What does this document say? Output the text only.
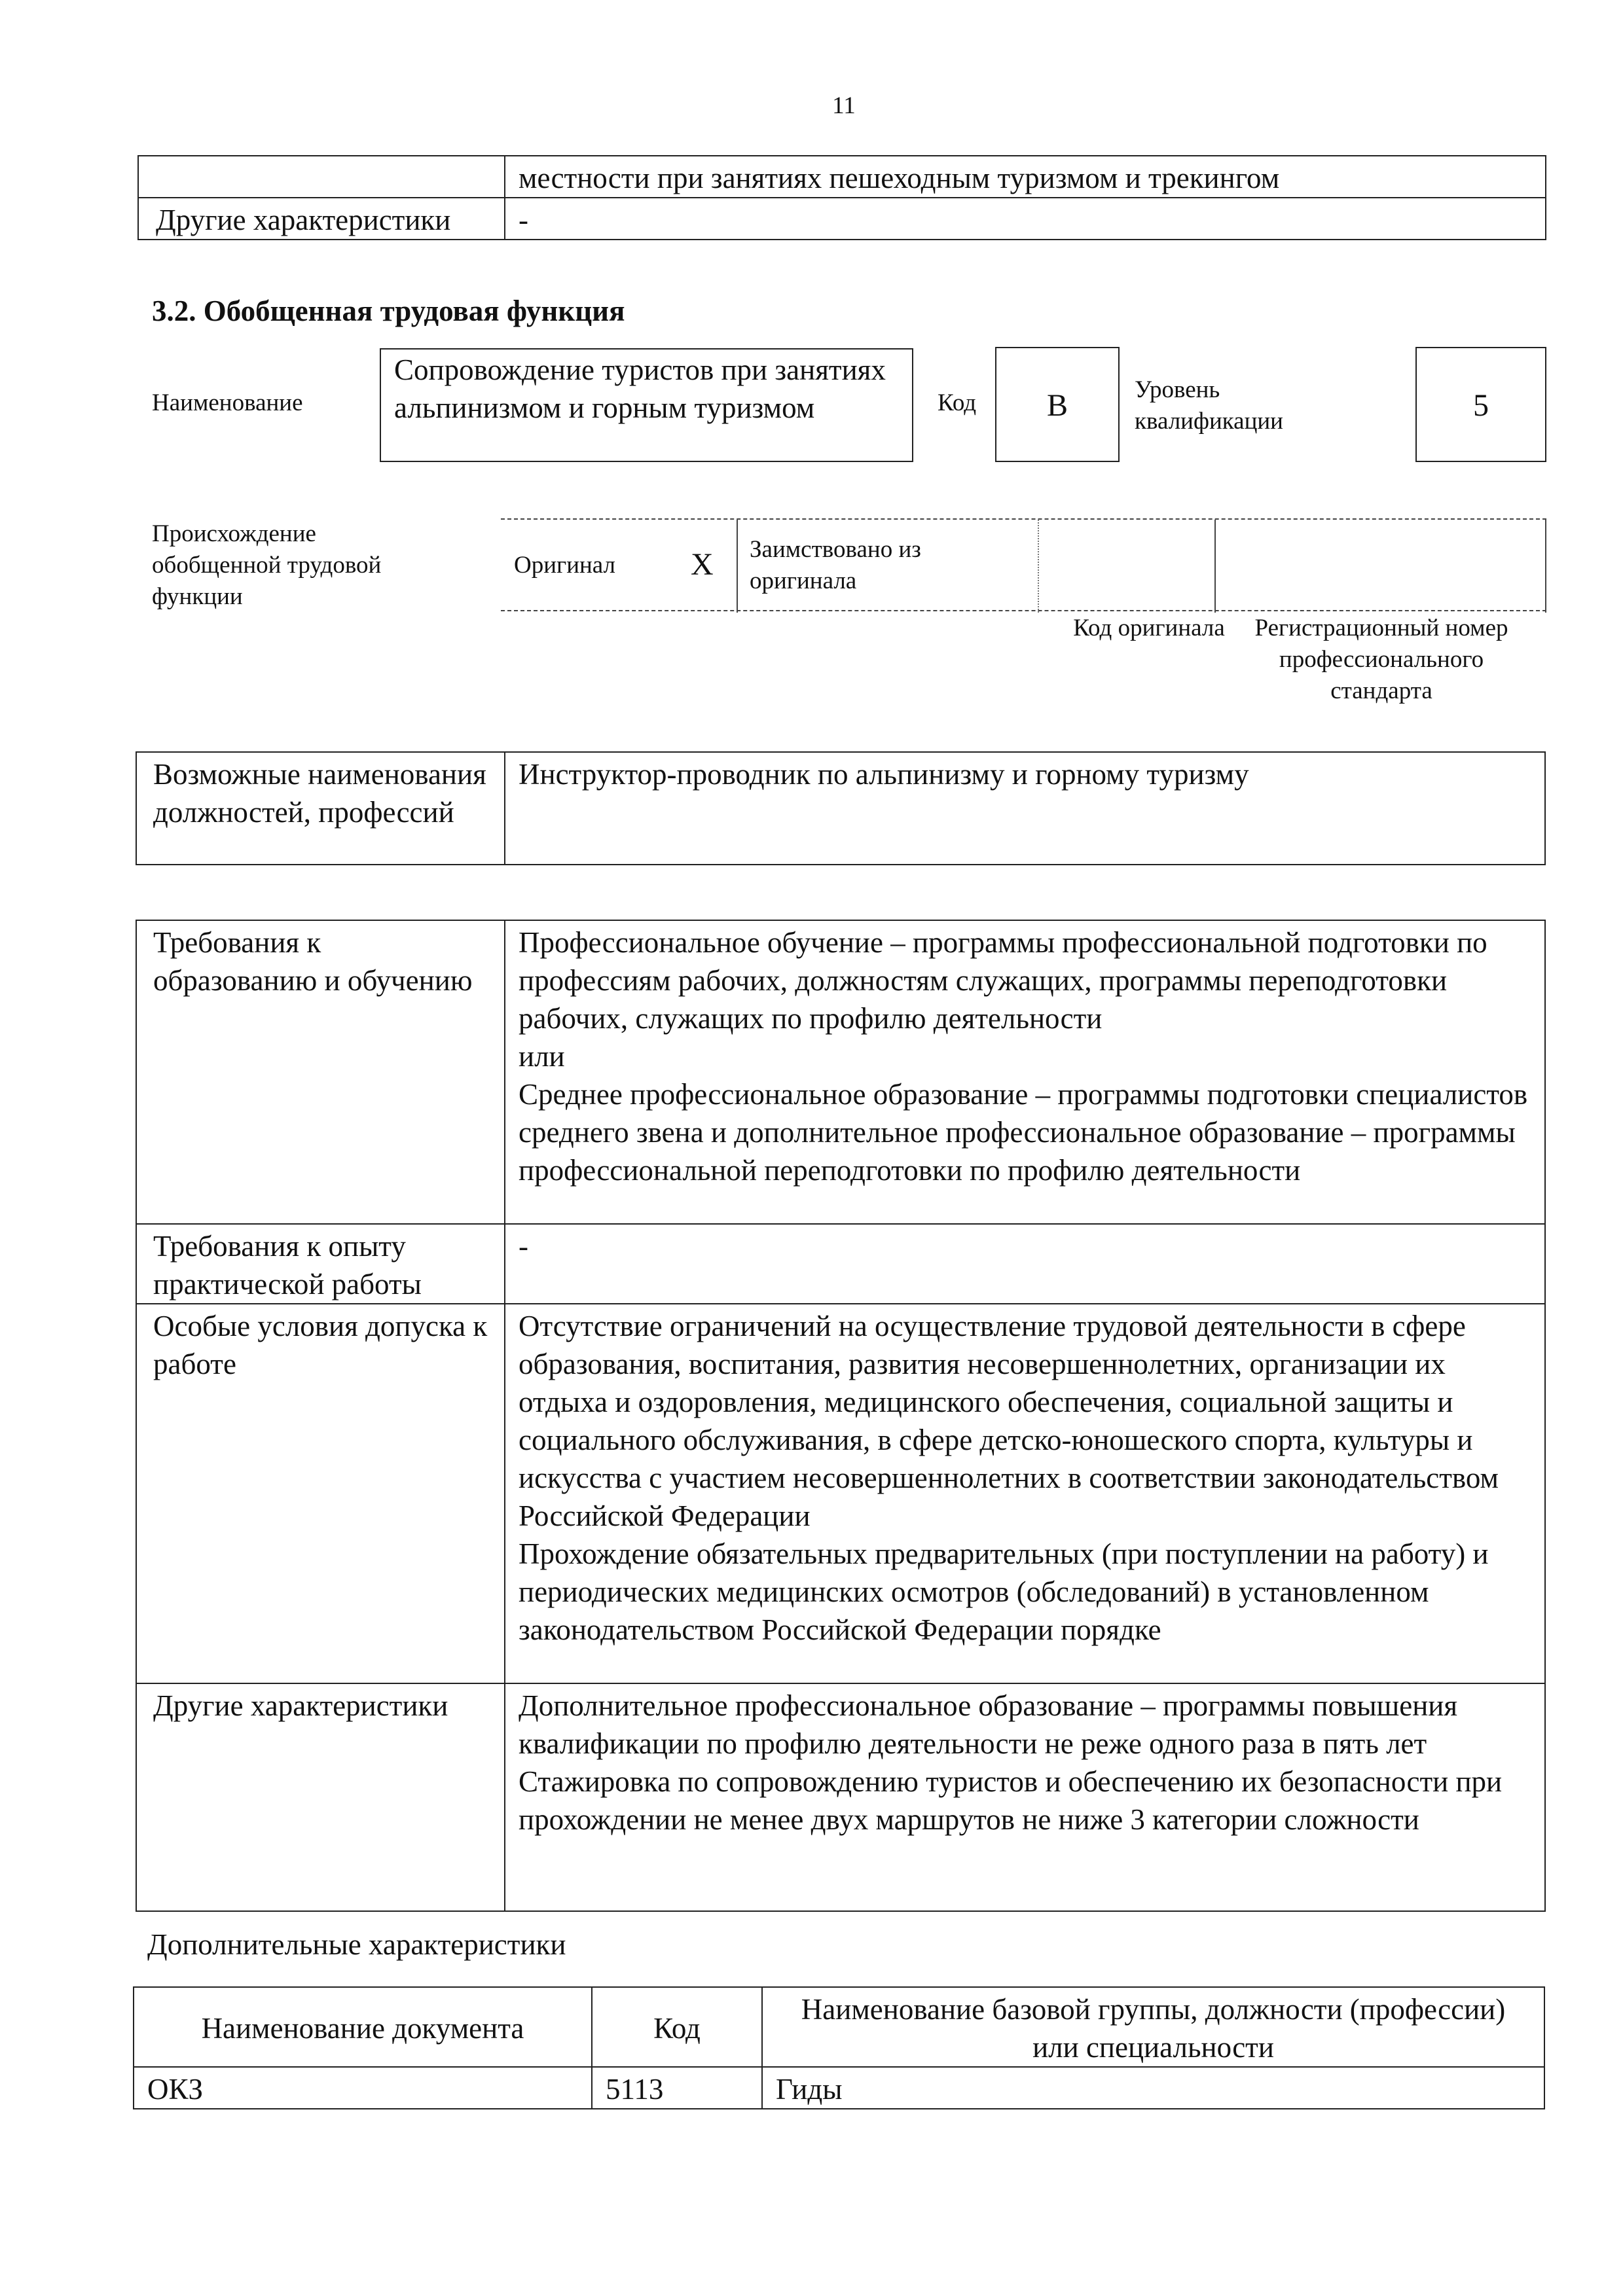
11
	местности при занятиях пешеходным туризмом и трекингом
Другие характеристики	-
3.2. Обобщенная трудовая функция
Наименование
Сопровождение туристов при занятиях альпинизмом и горным туризмом	Код	B	Уровень квалификации	5
Происхождение обобщенной трудовой функции
Оригинал X Заимствовано из оригинала
Код оригинала	Регистрационный номер профессионального стандарта
Возможные наименования должностей, профессий	Инструктор-проводник по альпинизму и горному туризму
Требования к образованию и обучению	Профессиональное обучение – программы профессиональной подготовки по профессиям рабочих, должностям служащих, программы переподготовки рабочих, служащих по профилю деятельности
или
Среднее профессиональное образование – программы подготовки специалистов среднего звена и дополнительное профессиональное образование – программы профессиональной переподготовки по профилю деятельности
Требования к опыту практической работы	-
Особые условия допуска к работе	Отсутствие ограничений на осуществление трудовой деятельности в сфере образования, воспитания, развития несовершеннолетних, организации их отдыха и оздоровления, медицинского обеспечения, социальной защиты и социального обслуживания, в сфере детско-юношеского спорта, культуры и искусства с участием несовершеннолетних в соответствии законодательством Российской Федерации
Прохождение обязательных предварительных (при поступлении на работу) и периодических медицинских осмотров (обследований) в установленном законодательством Российской Федерации порядке
Другие характеристики	Дополнительное профессиональное образование – программы повышения квалификации по профилю деятельности не реже одного раза в пять лет
Стажировка по сопровождению туристов и обеспечению их безопасности при прохождении не менее двух маршрутов не ниже 3 категории сложности
Дополнительные характеристики
Наименование документа	Код	Наименование базовой группы, должности (профессии) или специальности
ОКЗ	5113	Гиды
